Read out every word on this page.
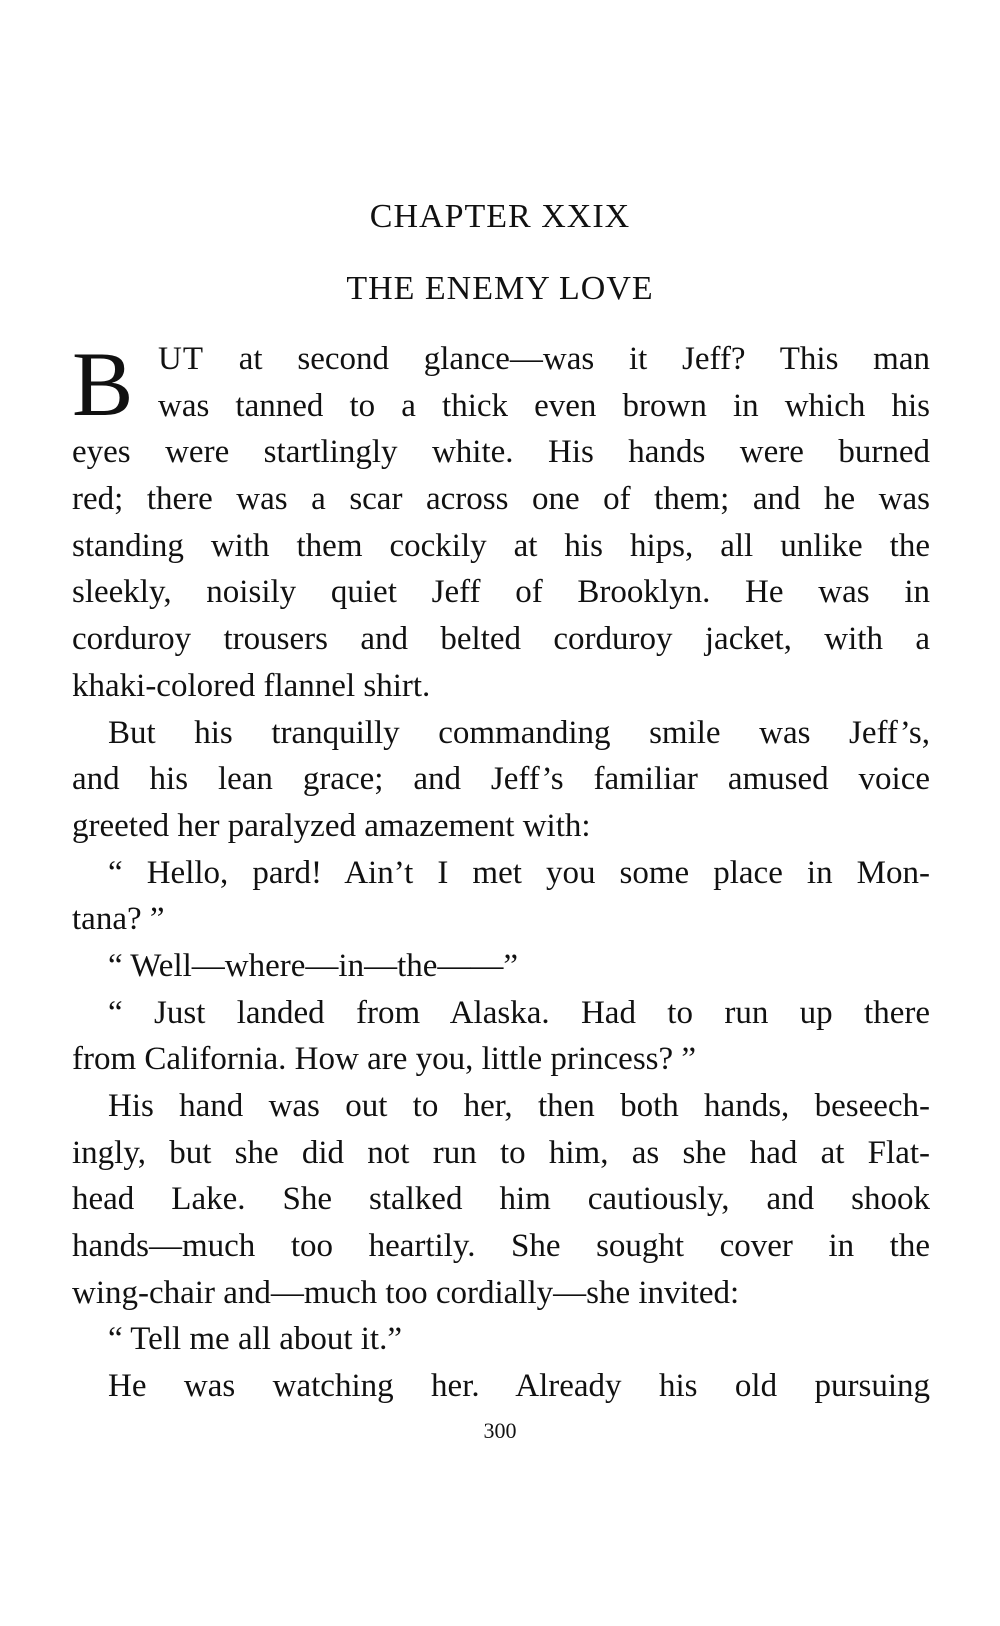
CHAPTER XXIX
THE ENEMY LOVE
B UT at second glance—was it Jeff? This man
was tanned to a thick even brown in which his
eyes were startlingly white. His hands were burned
red; there was a scar across one of them; and he was
standing with them cockily at his hips, all unlike the
sleekly, noisily quiet Jeff of Brooklyn. He was in
corduroy trousers and belted corduroy jacket, with a
khaki-colored flannel shirt.
But his tranquilly commanding smile was Jeff’s,
and his lean grace; and Jeff’s familiar amused voice
greeted her paralyzed amazement with:
“ Hello, pard! Ain’t I met you some place in Mon-
tana? ”
“ Well—where—in—the——”
“ Just landed from Alaska. Had to run up there
from California. How are you, little princess? ”
His hand was out to her, then both hands, beseech-
ingly, but she did not run to him, as she had at Flat-
head Lake. She stalked him cautiously, and shook
hands—much too heartily. She sought cover in the
wing-chair and—much too cordially—she invited:
“ Tell me all about it.”
He was watching her. Already his old pursuing
300
